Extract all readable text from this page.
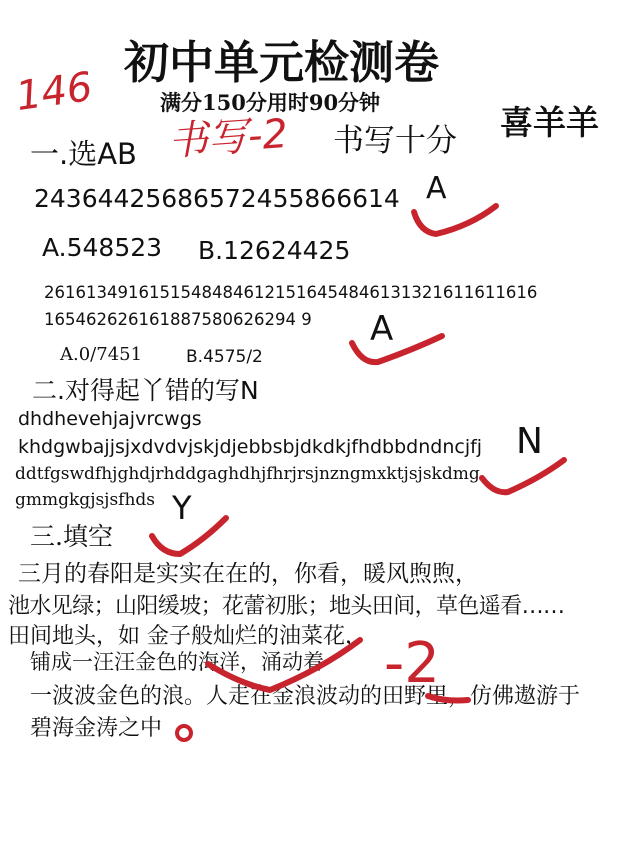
初中单元检测卷
满分150分用时90分钟
喜羊羊
一.选AB	书写十分
24364425686572455866614
A.548523 B.12624425
26161349161515484846121516454846131321611611616
165462626161887580626294 9
A.0/7451	B.4575/2
二.对得起丫错的写N
dhdhevehjajvrcwgs
khdgwbajjsjxdvdvjskjdjebbsbjdkdkjfhdbbdndncjfj
ddtfgswdfhjghdjrhddgaghdhjfhrjrsjnzngmxktjsjskdmg
gmmgkgjsjsfhds
三.填空
三月的春阳是实实在在的，你看，暖风煦煦，
池水见绿；山阳缓坡；花蕾初胀；地头田间，草色遥看……
田间地头，如 金子般灿烂的油菜花，
铺成一汪汪金色的海洋，涌动着
一波波金色的浪。人走在金浪波动的田野里，仿佛遨游于
碧海金涛之中
146
书写-2
-2
A
A
N
Y
